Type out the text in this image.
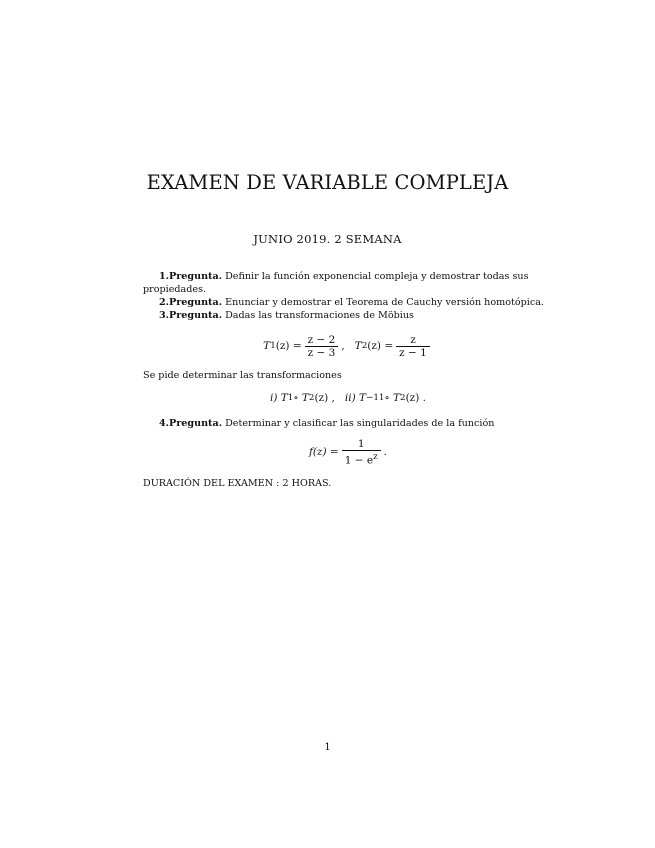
EXAMEN DE VARIABLE COMPLEJA
JUNIO 2019. 2 SEMANA

1.Pregunta. Definir la función exponencial compleja y demostrar todas sus propiedades.

2.Pregunta. Enunciar y demostrar el Teorema de Cauchy versión homotópica.

3.Pregunta. Dadas las transformaciones de Möbius

T 1 $(z) = \frac{z - 2}{z - 3}$ , T 2 $(z) = \frac{z}{z - 1}$

Se pide determinar las transformaciones

i) T 1 ∘ T 2 (z) , ii) T −1 1 ∘ T 2 (z) .

4.Pregunta. Determinar y clasificar las singularidades de la función

$f(z) = \frac{1}{1 - e^z}$ .

DURACIÓN DEL EXAMEN : 2 HORAS.

1
